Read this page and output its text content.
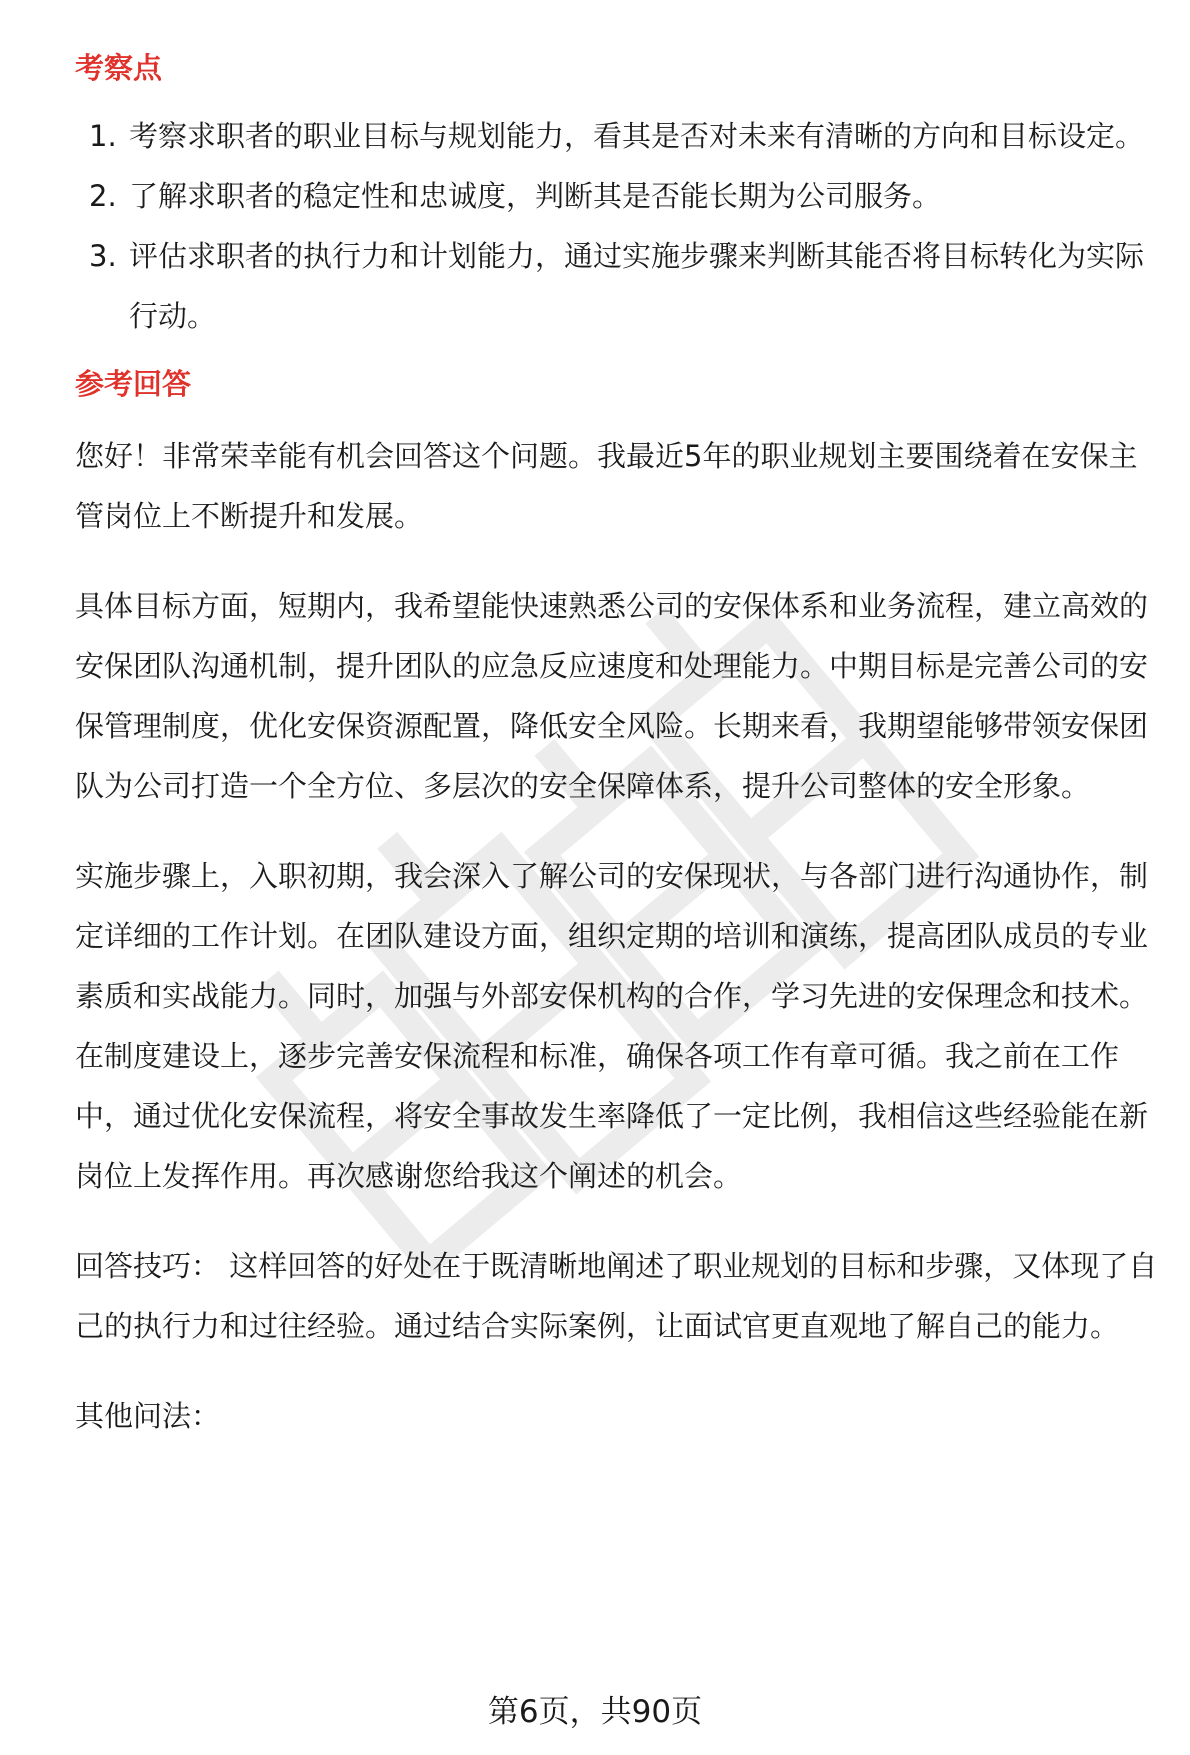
考察点
1. 考察求职者的职业目标与规划能力，看其是否对未来有清晰的方向和目标设定。
2. 了解求职者的稳定性和忠诚度，判断其是否能长期为公司服务。
3. 评估求职者的执行力和计划能力，通过实施步骤来判断其能否将目标转化为实际行动。
参考回答

您好！非常荣幸能有机会回答这个问题。我最近5年的职业规划主要围绕着在安保主管岗位上不断提升和发展。

具体目标方面，短期内，我希望能快速熟悉公司的安保体系和业务流程，建立高效的安保团队沟通机制，提升团队的应急反应速度和处理能力。中期目标是完善公司的安保管理制度，优化安保资源配置，降低安全风险。长期来看，我期望能够带领安保团队为公司打造一个全方位、多层次的安全保障体系，提升公司整体的安全形象。

实施步骤上，入职初期，我会深入了解公司的安保现状，与各部门进行沟通协作，制定详细的工作计划。在团队建设方面，组织定期的培训和演练，提高团队成员的专业素质和实战能力。同时，加强与外部安保机构的合作，学习先进的安保理念和技术。在制度建设上，逐步完善安保流程和标准，确保各项工作有章可循。我之前在工作中，通过优化安保流程，将安全事故发生率降低了一定比例，我相信这些经验能在新岗位上发挥作用。再次感谢您给我这个阐述的机会。

回答技巧： 这样回答的好处在于既清晰地阐述了职业规划的目标和步骤，又体现了自己的执行力和过往经验。通过结合实际案例，让面试官更直观地了解自己的能力。

其他问法：

第6页，共90页
